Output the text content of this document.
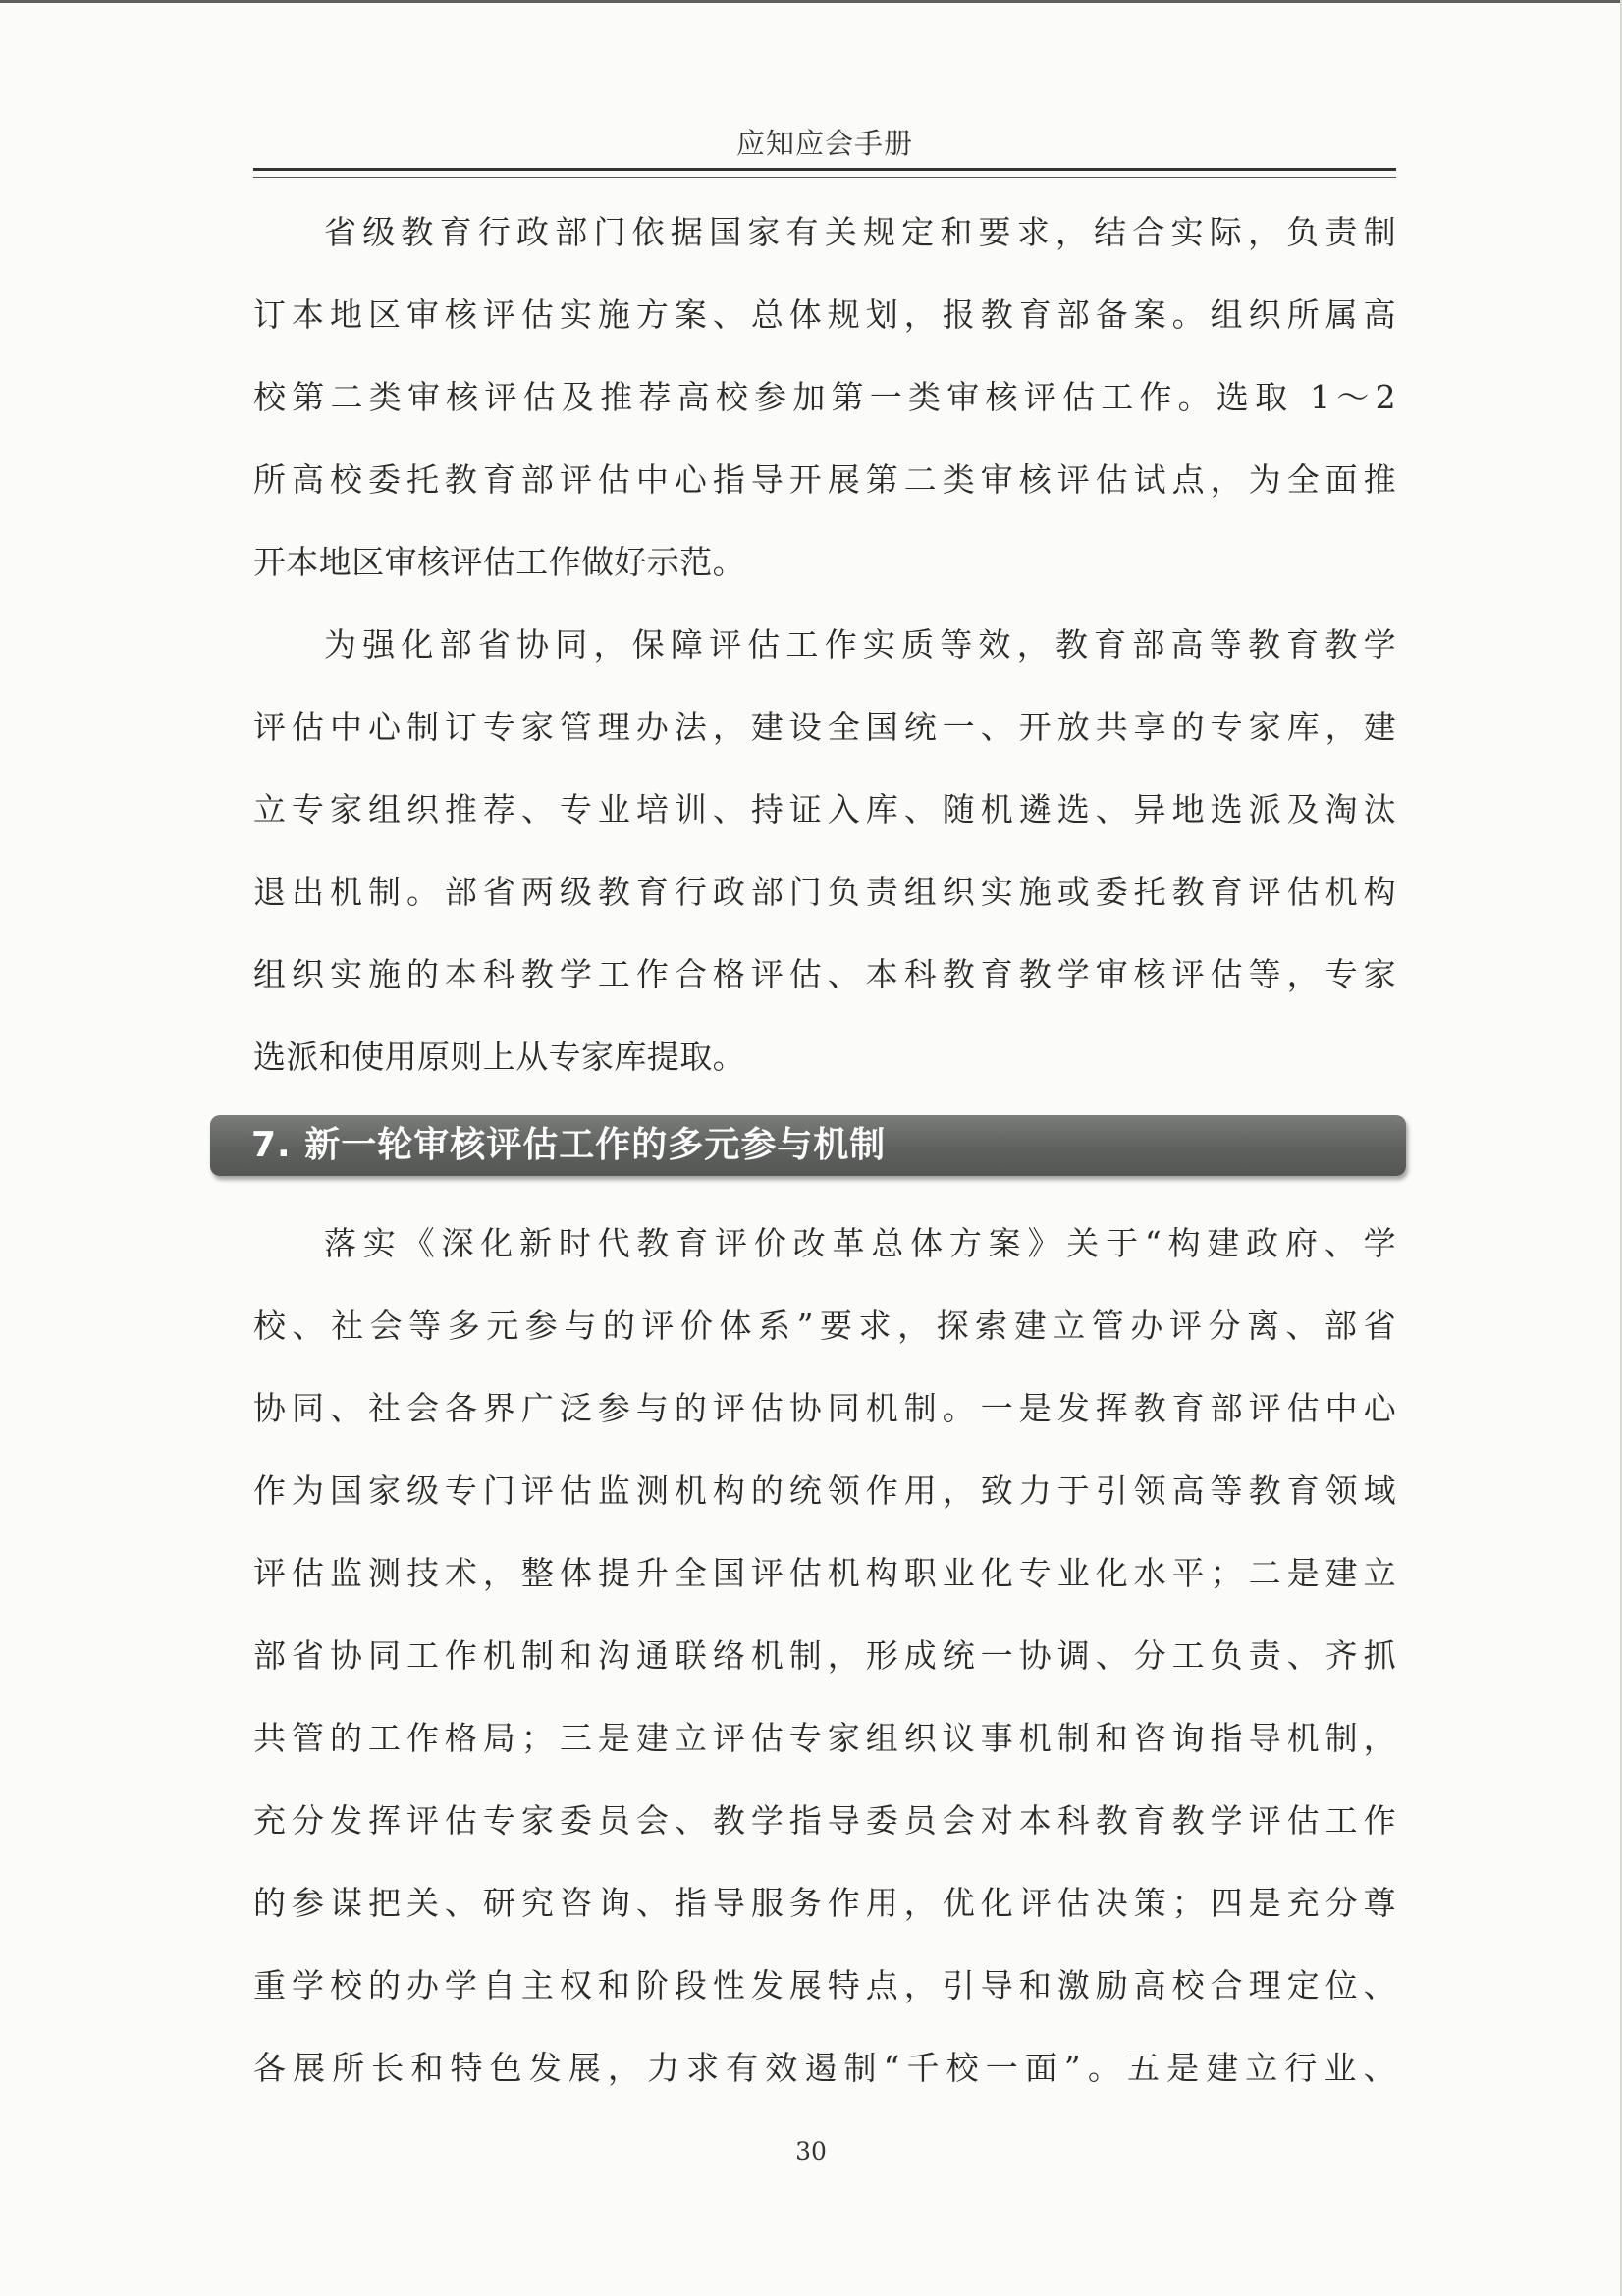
应知应会手册
省级教育行政部门依据国家有关规定和要求，结合实际，负责制
订本地区审核评估实施方案、总体规划，报教育部备案。组织所属高
校第二类审核评估及推荐高校参加第一类审核评估工作。选取 1～2
所高校委托教育部评估中心指导开展第二类审核评估试点，为全面推
开本地区审核评估工作做好示范。
为强化部省协同，保障评估工作实质等效，教育部高等教育教学
评估中心制订专家管理办法，建设全国统一、开放共享的专家库，建
立专家组织推荐、专业培训、持证入库、随机遴选、异地选派及淘汰
退出机制。部省两级教育行政部门负责组织实施或委托教育评估机构
组织实施的本科教学工作合格评估、本科教育教学审核评估等，专家
选派和使用原则上从专家库提取。
7. 新一轮审核评估工作的多元参与机制
落实《深化新时代教育评价改革总体方案》关于“构建政府、学
校、社会等多元参与的评价体系”要求，探索建立管办评分离、部省
协同、社会各界广泛参与的评估协同机制。一是发挥教育部评估中心
作为国家级专门评估监测机构的统领作用，致力于引领高等教育领域
评估监测技术，整体提升全国评估机构职业化专业化水平；二是建立
部省协同工作机制和沟通联络机制，形成统一协调、分工负责、齐抓
共管的工作格局；三是建立评估专家组织议事机制和咨询指导机制，
充分发挥评估专家委员会、教学指导委员会对本科教育教学评估工作
的参谋把关、研究咨询、指导服务作用，优化评估决策；四是充分尊
重学校的办学自主权和阶段性发展特点，引导和激励高校合理定位、
各展所长和特色发展，力求有效遏制“千校一面”。五是建立行业、
30
